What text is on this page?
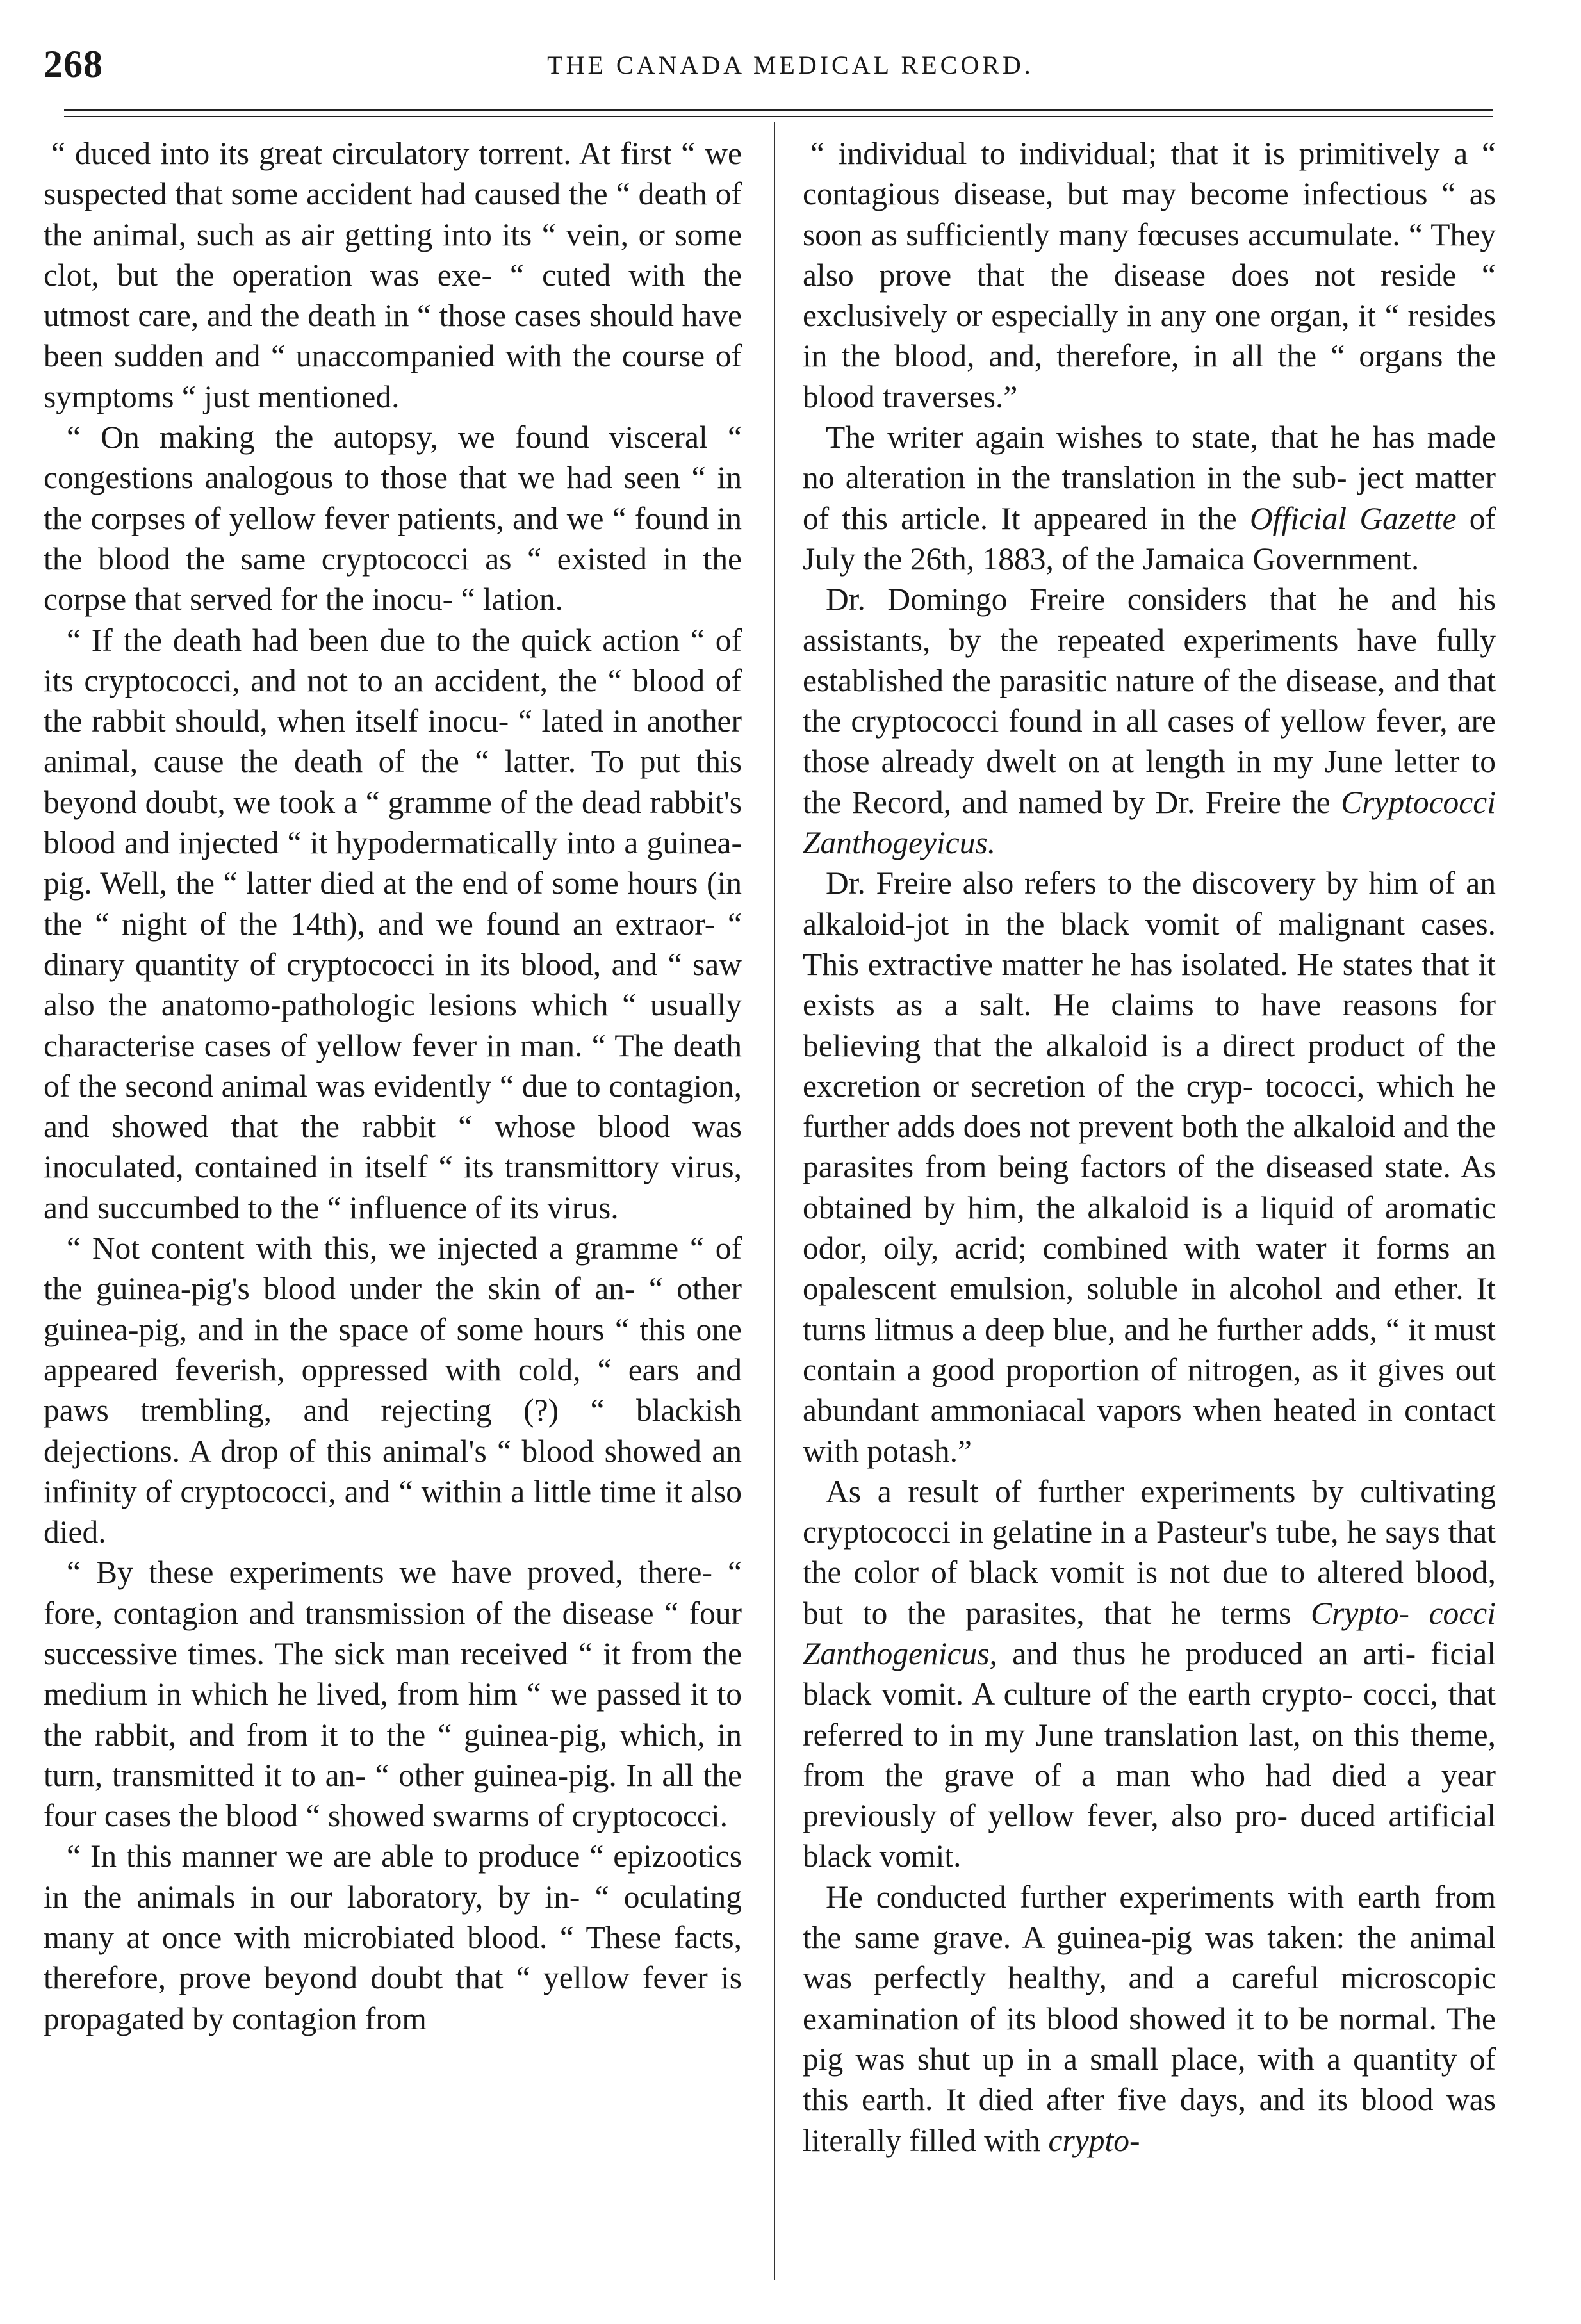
268	THE CANADA MEDICAL RECORD.

“ duced into its great circulatory torrent. At first “ we suspected that some accident had caused the “ death of the animal, such as air getting into its “ vein, or some clot, but the operation was exe- “ cuted with the utmost care, and the death in “ those cases should have been sudden and “ unaccompanied with the course of symptoms “ just mentioned.

“ On making the autopsy, we found visceral “ congestions analogous to those that we had seen “ in the corpses of yellow fever patients, and we “ found in the blood the same cryptococci as “ existed in the corpse that served for the inocu- “ lation.

“ If the death had been due to the quick action “ of its cryptococci, and not to an accident, the “ blood of the rabbit should, when itself inocu- “ lated in another animal, cause the death of the “ latter. To put this beyond doubt, we took a “ gramme of the dead rabbit's blood and injected “ it hypodermatically into a guinea-pig. Well, the “ latter died at the end of some hours (in the “ night of the 14th), and we found an extraor- “ dinary quantity of cryptococci in its blood, and “ saw also the anatomo-pathologic lesions which “ usually characterise cases of yellow fever in man. “ The death of the second animal was evidently “ due to contagion, and showed that the rabbit “ whose blood was inoculated, contained in itself “ its transmittory virus, and succumbed to the “ influence of its virus.

“ Not content with this, we injected a gramme “ of the guinea-pig's blood under the skin of an- “ other guinea-pig, and in the space of some hours “ this one appeared feverish, oppressed with cold, “ ears and paws trembling, and rejecting (?) “ blackish dejections. A drop of this animal's “ blood showed an infinity of cryptococci, and “ within a little time it also died.

“ By these experiments we have proved, there- “ fore, contagion and transmission of the disease “ four successive times. The sick man received “ it from the medium in which he lived, from him “ we passed it to the rabbit, and from it to the “ guinea-pig, which, in turn, transmitted it to an- “ other guinea-pig. In all the four cases the blood “ showed swarms of cryptococci.

“ In this manner we are able to produce “ epizootics in the animals in our laboratory, by in- “ oculating many at once with microbiated blood. “ These facts, therefore, prove beyond doubt that “ yellow fever is propagated by contagion from

“ individual to individual; that it is primitively a “ contagious disease, but may become infectious “ as soon as sufficiently many fœcuses accumulate. “ They also prove that the disease does not reside “ exclusively or especially in any one organ, it “ resides in the blood, and, therefore, in all the “ organs the blood traverses.”

The writer again wishes to state, that he has made no alteration in the translation in the sub- ject matter of this article. It appeared in the Official Gazette of July the 26th, 1883, of the Jamaica Government.

Dr. Domingo Freire considers that he and his assistants, by the repeated experiments have fully established the parasitic nature of the disease, and that the cryptococci found in all cases of yellow fever, are those already dwelt on at length in my June letter to the Record, and named by Dr. Freire the Cryptococci Zanthogeyicus.

Dr. Freire also refers to the discovery by him of an alkaloid-jot in the black vomit of malignant cases. This extractive matter he has isolated. He states that it exists as a salt. He claims to have reasons for believing that the alkaloid is a direct product of the excretion or secretion of the cryp- tococci, which he further adds does not prevent both the alkaloid and the parasites from being factors of the diseased state. As obtained by him, the alkaloid is a liquid of aromatic odor, oily, acrid; combined with water it forms an opalescent emulsion, soluble in alcohol and ether. It turns litmus a deep blue, and he further adds, “ it must contain a good proportion of nitrogen, as it gives out abundant ammoniacal vapors when heated in contact with potash.”

As a result of further experiments by cultivating cryptococci in gelatine in a Pasteur's tube, he says that the color of black vomit is not due to altered blood, but to the parasites, that he terms Crypto- cocci Zanthogenicus, and thus he produced an arti- ficial black vomit. A culture of the earth crypto- cocci, that referred to in my June translation last, on this theme, from the grave of a man who had died a year previously of yellow fever, also pro- duced artificial black vomit.

He conducted further experiments with earth from the same grave. A guinea-pig was taken: the animal was perfectly healthy, and a careful microscopic examination of its blood showed it to be normal. The pig was shut up in a small place, with a quantity of this earth. It died after five days, and its blood was literally filled with crypto-
